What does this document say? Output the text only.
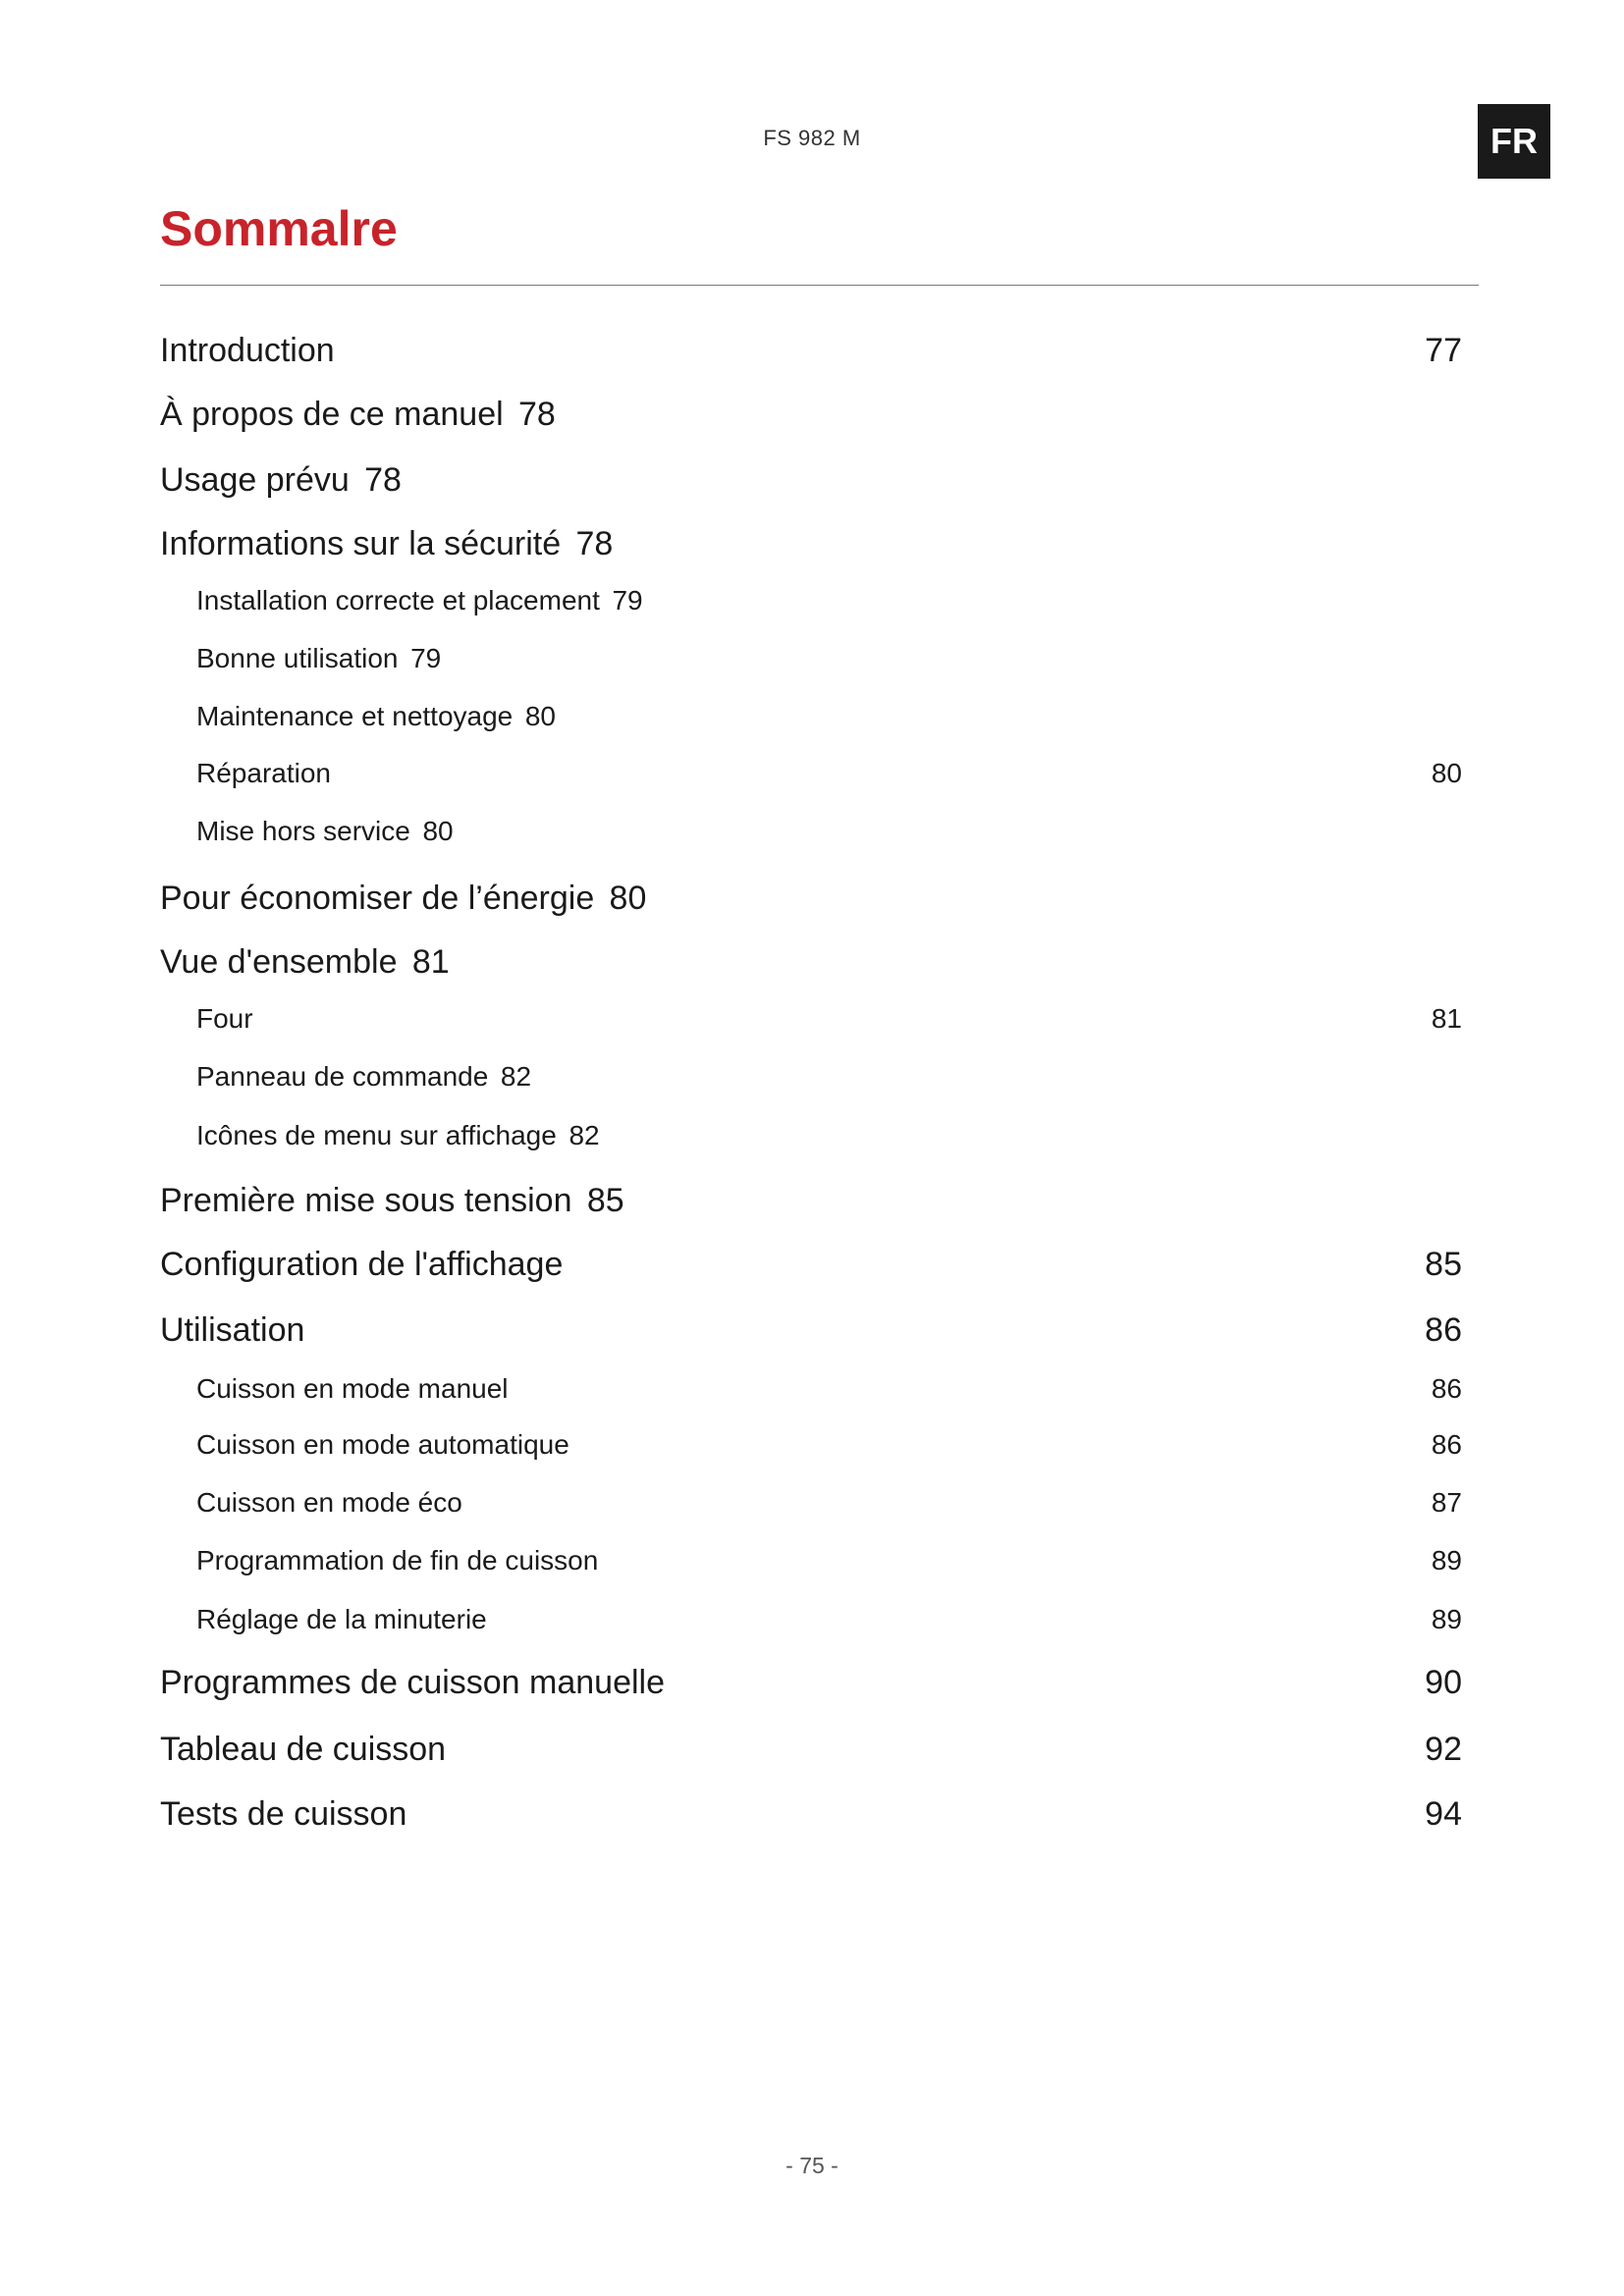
FS 982 M	FR
Sommalre
Introduction	77
À propos de ce manuel 78
Usage prévu 78
Informations sur la sécurité 78
Installation correcte et placement 79
Bonne utilisation 79
Maintenance et nettoyage 80
Réparation	80
Mise hors service 80
Pour économiser de l’énergie 80
Vue d'ensemble 81
Four	81
Panneau de commande 82
Icônes de menu sur affichage 82
Première mise sous tension 85
Configuration de l'affichage	85
Utilisation	86
Cuisson en mode manuel	86
Cuisson en mode automatique	86
Cuisson en mode éco	87
Programmation de fin de cuisson	89
Réglage de la minuterie	89
Programmes de cuisson manuelle	90
Tableau de cuisson	92
Tests de cuisson	94
- 75 -
